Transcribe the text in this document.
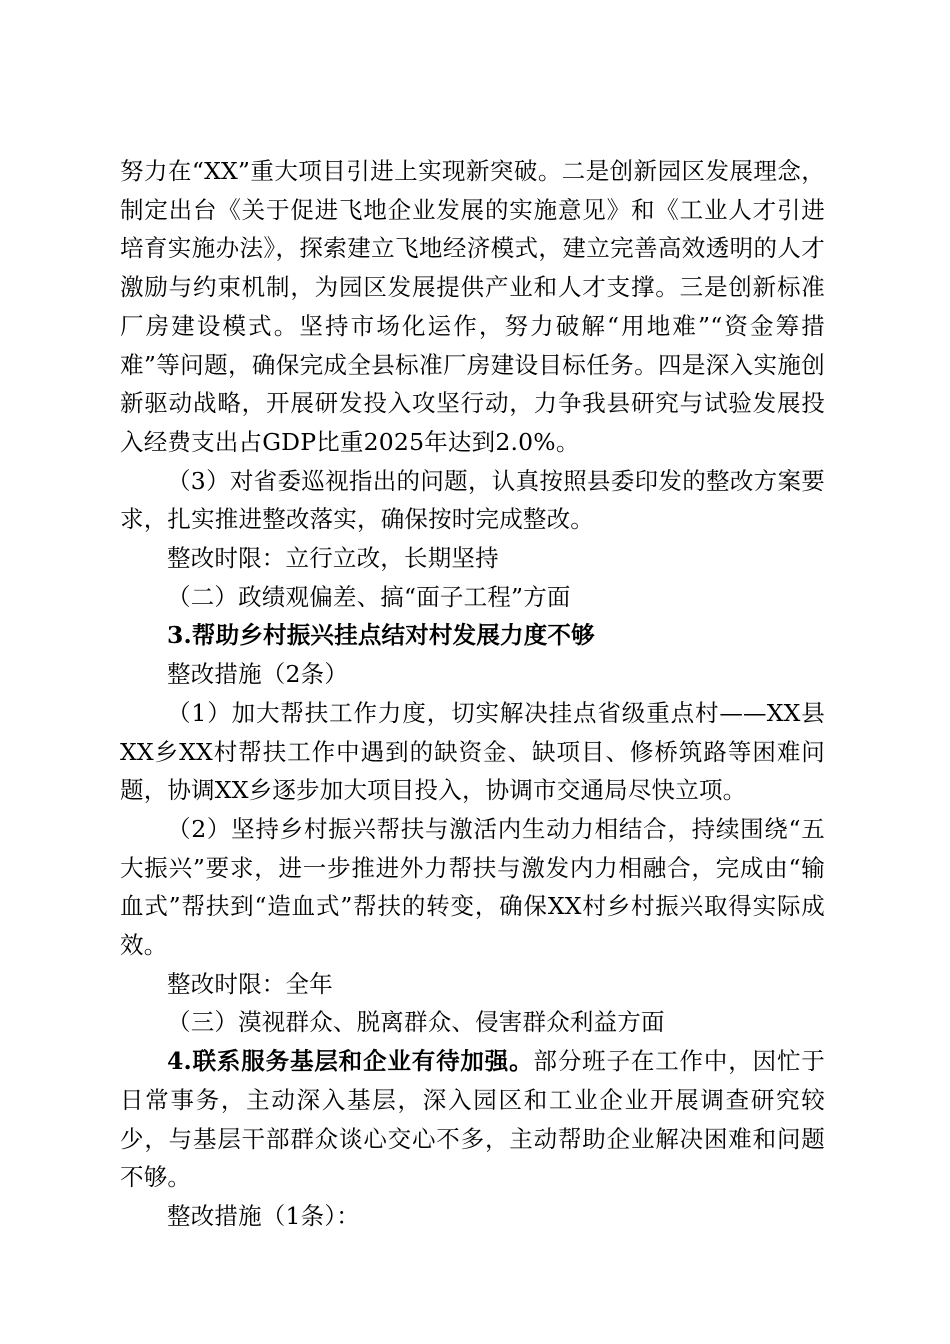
努力在“XX”重大项目引进上实现新突破。二是创新园区发展理念，制定出台《关于促进飞地企业发展的实施意见》和《工业人才引进培育实施办法》，探索建立飞地经济模式，建立完善高效透明的人才激励与约束机制，为园区发展提供产业和人才支撑。三是创新标准厂房建设模式。坚持市场化运作，努力破解“用地难”“资金筹措难”等问题，确保完成全县标准厂房建设目标任务。四是深入实施创新驱动战略，开展研发投入攻坚行动，力争我县研究与试验发展投入经费支出占GDP比重2025年达到2.0%。

（3）对省委巡视指出的问题，认真按照县委印发的整改方案要求，扎实推进整改落实，确保按时完成整改。

整改时限：立行立改，长期坚持

（二）政绩观偏差、搞“面子工程”方面

3.帮助乡村振兴挂点结对村发展力度不够

整改措施（2条）

（1）加大帮扶工作力度，切实解决挂点省级重点村——XX县XX乡XX村帮扶工作中遇到的缺资金、缺项目、修桥筑路等困难问题，协调XX乡逐步加大项目投入，协调市交通局尽快立项。

（2）坚持乡村振兴帮扶与激活内生动力相结合，持续围绕“五大振兴”要求，进一步推进外力帮扶与激发内力相融合，完成由“输血式”帮扶到“造血式”帮扶的转变，确保XX村乡村振兴取得实际成效。

整改时限：全年

（三）漠视群众、脱离群众、侵害群众利益方面

4.联系服务基层和企业有待加强。部分班子在工作中，因忙于日常事务，主动深入基层，深入园区和工业企业开展调查研究较少，与基层干部群众谈心交心不多，主动帮助企业解决困难和问题不够。

整改措施（1条）：
